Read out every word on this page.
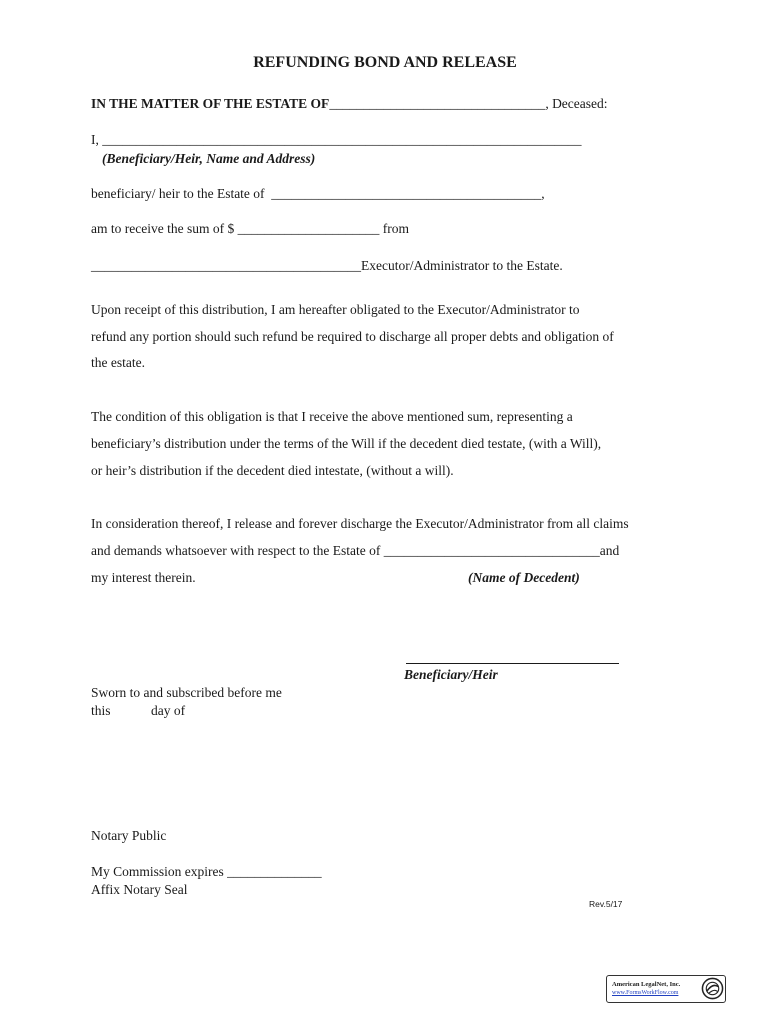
REFUNDING BOND AND RELEASE
IN THE MATTER OF THE ESTATE OF________________________________, Deceased:
I, _______________________________________________________________________
(Beneficiary/Heir, Name and Address)
beneficiary/ heir to the Estate of  ________________________________________,
am to receive the sum of $ _____________________ from
________________________________________Executor/Administrator to the Estate.
Upon receipt of this distribution, I am hereafter obligated to the Executor/Administrator to
refund any portion should such refund be required to discharge all proper debts and obligation of
the estate.
The condition of this obligation is that I receive the above mentioned sum, representing a
beneficiary’s distribution under the terms of the Will if the decedent died testate, (with a Will),
or heir’s distribution if the decedent died intestate, (without a will).
In consideration thereof, I release and forever discharge the Executor/Administrator from all claims
and demands whatsoever with respect to the Estate of ________________________________and
my interest therein.	(Name of Decedent)
Beneficiary/Heir
Sworn to and subscribed before me
this            day of
Notary Public
My Commission expires ______________
Affix Notary Seal
Rev.5/17
American LegalNet, Inc.
www.FormsWorkFlow.com
